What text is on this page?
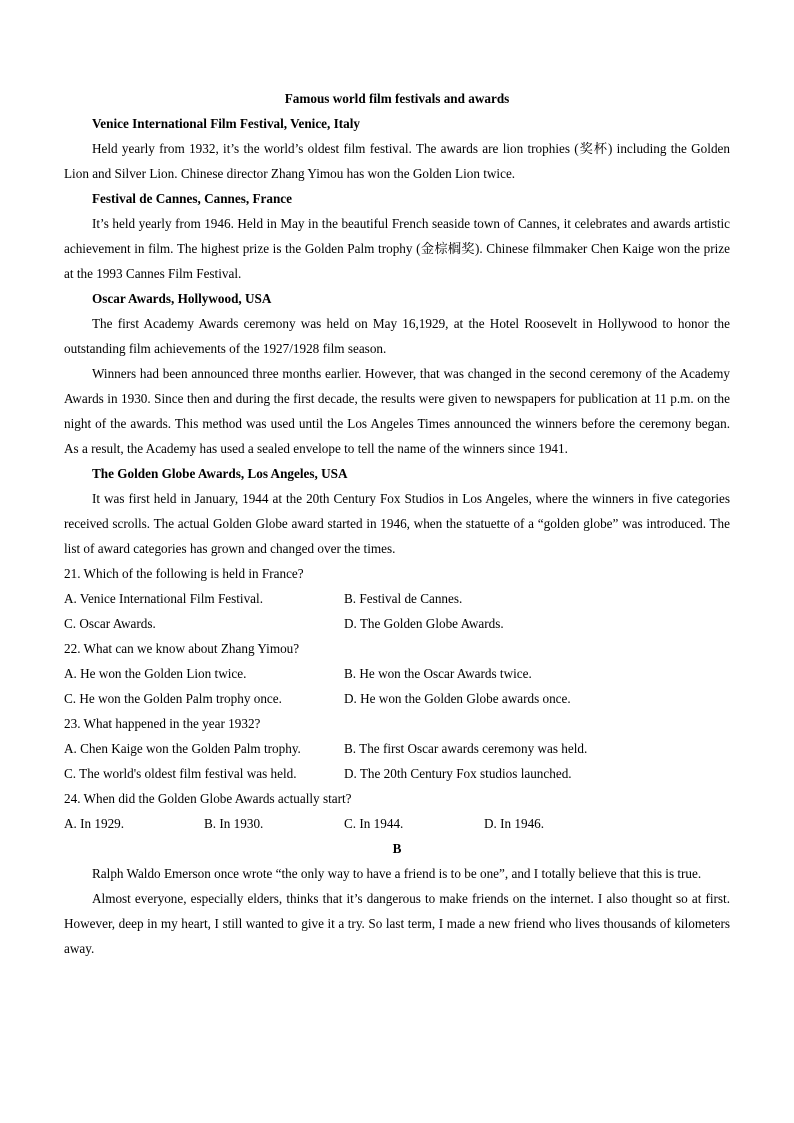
Famous world film festivals and awards
Venice International Film Festival, Venice, Italy
Held yearly from 1932, it’s the world’s oldest film festival. The awards are lion trophies (奖杯) including the Golden Lion and Silver Lion. Chinese director Zhang Yimou has won the Golden Lion twice.
Festival de Cannes, Cannes, France
It’s held yearly from 1946. Held in May in the beautiful French seaside town of Cannes, it celebrates and awards artistic achievement in film. The highest prize is the Golden Palm trophy (金棕榈奖). Chinese filmmaker Chen Kaige won the prize at the 1993 Cannes Film Festival.
Oscar Awards, Hollywood, USA
The first Academy Awards ceremony was held on May 16,1929, at the Hotel Roosevelt in Hollywood to honor the outstanding film achievements of the 1927/1928 film season.
Winners had been announced three months earlier. However, that was changed in the second ceremony of the Academy Awards in 1930. Since then and during the first decade, the results were given to newspapers for publication at 11 p.m. on the night of the awards. This method was used until the Los Angeles Times announced the winners before the ceremony began. As a result, the Academy has used a sealed envelope to tell the name of the winners since 1941.
The Golden Globe Awards, Los Angeles, USA
It was first held in January, 1944 at the 20th Century Fox Studios in Los Angeles, where the winners in five categories received scrolls. The actual Golden Globe award started in 1946, when the statuette of a “golden globe” was introduced. The list of award categories has grown and changed over the times.
21. Which of the following is held in France?
A. Venice International Film Festival.	B. Festival de Cannes.
C. Oscar Awards.	D. The Golden Globe Awards.
22. What can we know about Zhang Yimou?
A. He won the Golden Lion twice.	B. He won the Oscar Awards twice.
C. He won the Golden Palm trophy once.	D. He won the Golden Globe awards once.
23. What happened in the year 1932?
A. Chen Kaige won the Golden Palm trophy.	B. The first Oscar awards ceremony was held.
C. The world's oldest film festival was held.	D. The 20th Century Fox studios launched.
24. When did the Golden Globe Awards actually start?
A. In 1929.	B. In 1930.	C. In 1944.	D. In 1946.
B
Ralph Waldo Emerson once wrote “the only way to have a friend is to be one”, and I totally believe that this is true.
Almost everyone, especially elders, thinks that it’s dangerous to make friends on the internet. I also thought so at first. However, deep in my heart, I still wanted to give it a try. So last term, I made a new friend who lives thousands of kilometers away.
